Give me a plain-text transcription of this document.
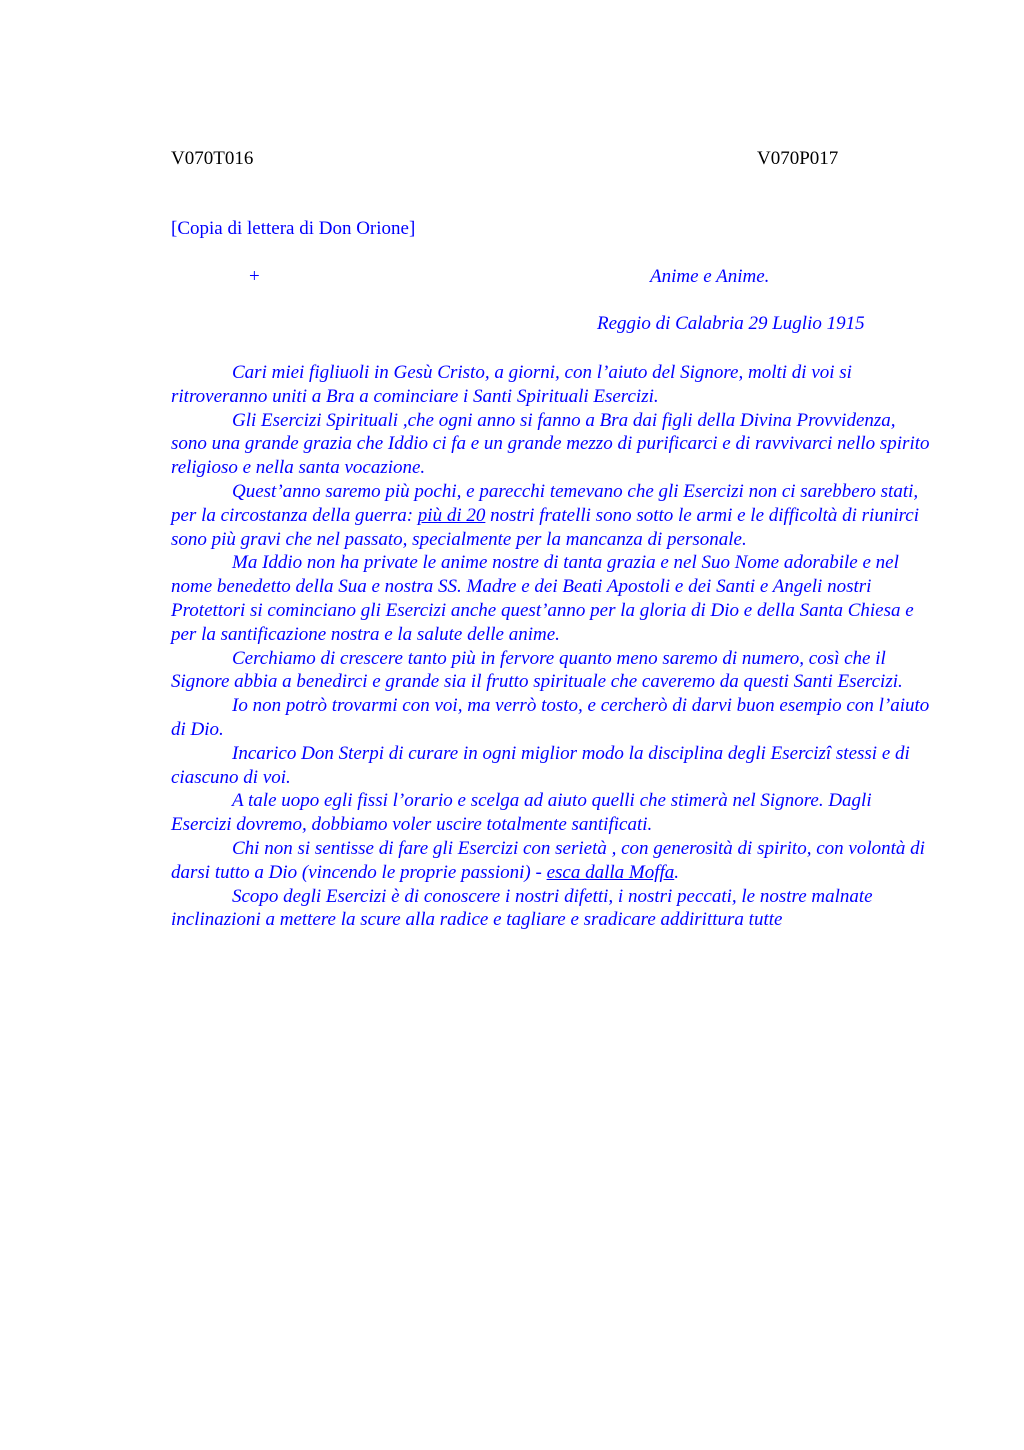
V070T016	V070P017
[Copia di lettera di Don Orione]
+	Anime e Anime.
Reggio di Calabria 29 Luglio 1915

Cari miei figliuoli in Gesù Cristo, a giorni, con l’aiuto del Signore, molti di voi si ritroveranno uniti a Bra a cominciare i Santi Spirituali Esercizi.

Gli Esercizi Spirituali ,che ogni anno si fanno a Bra dai figli della Divina Provvidenza, sono una grande grazia che Iddio ci fa e un grande mezzo di purificarci e di ravvivarci nello spirito religioso e nella santa vocazione.

Quest’anno saremo più pochi, e parecchi temevano che gli Esercizi non ci sarebbero stati, per la circostanza della guerra: più di 20 nostri fratelli sono sotto le armi e le difficoltà di riunirci sono più gravi che nel passato, specialmente per la mancanza di personale.

Ma Iddio non ha private le anime nostre di tanta grazia e nel Suo Nome adorabile e nel nome benedetto della Sua e nostra SS. Madre e dei Beati Apostoli e dei Santi e Angeli nostri Protettori si cominciano gli Esercizi anche quest’anno per la gloria di Dio e della Santa Chiesa e per la santificazione nostra e la salute delle anime.

Cerchiamo di crescere tanto più in fervore quanto meno saremo di numero, così che il Signore abbia a benedirci e grande sia il frutto spirituale che caveremo da questi Santi Esercizi.

Io non potrò trovarmi con voi, ma verrò tosto, e cercherò di darvi buon esempio con l’aiuto di Dio.

Incarico Don Sterpi di curare in ogni miglior modo la disciplina degli Esercizî stessi e di ciascuno di voi.

A tale uopo egli fissi l’orario e scelga ad aiuto quelli che stimerà nel Signore. Dagli Esercizi dovremo, dobbiamo voler uscire totalmente santificati.

Chi non si sentisse di fare gli Esercizi con serietà , con generosità di spirito, con volontà di darsi tutto a Dio (vincendo le proprie passioni) - esca dalla Moffa.

Scopo degli Esercizi è di conoscere i nostri difetti, i nostri peccati, le nostre malnate inclinazioni a mettere la scure alla radice e tagliare e sradicare addirittura tutte
